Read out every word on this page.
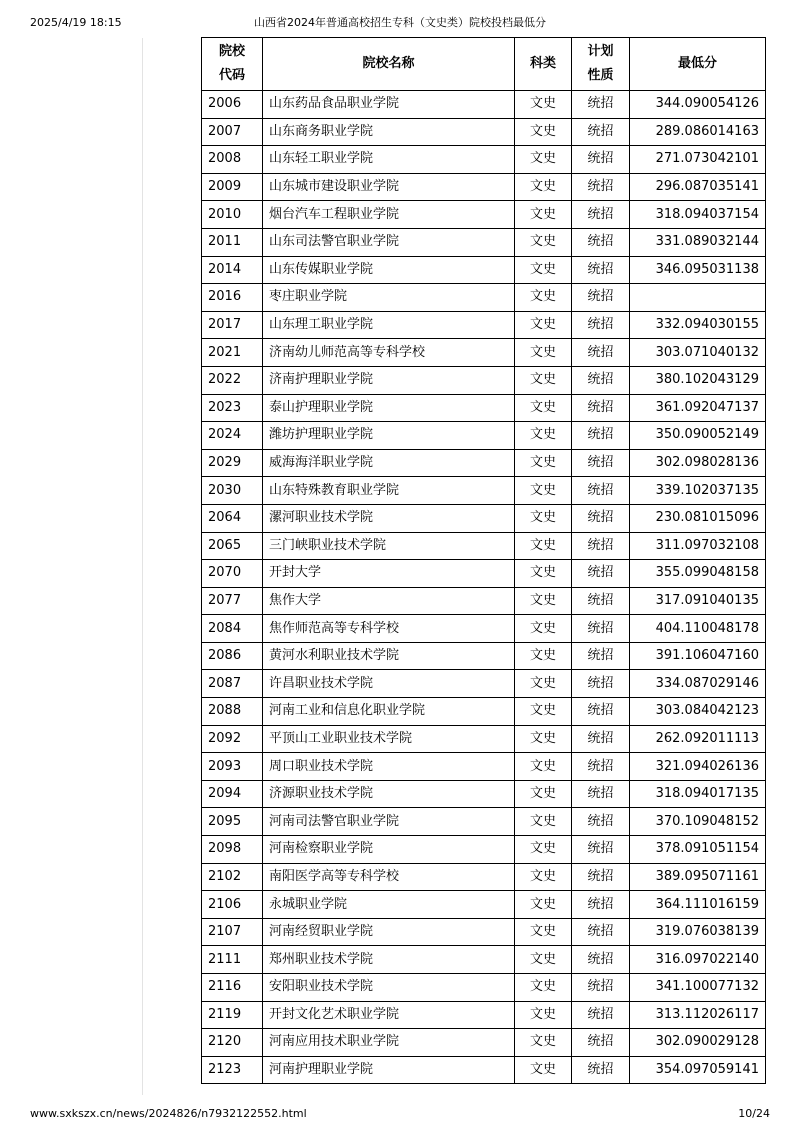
2025/4/19 18:15	山西省2024年普通高校招生专科（文史类）院校投档最低分
院校代码	院校名称	科类	计划性质	最低分
2006	山东药品食品职业学院	文史	统招	344.090054126
2007	山东商务职业学院	文史	统招	289.086014163
2008	山东轻工职业学院	文史	统招	271.073042101
2009	山东城市建设职业学院	文史	统招	296.087035141
2010	烟台汽车工程职业学院	文史	统招	318.094037154
2011	山东司法警官职业学院	文史	统招	331.089032144
2014	山东传媒职业学院	文史	统招	346.095031138
2016	枣庄职业学院	文史	统招	
2017	山东理工职业学院	文史	统招	332.094030155
2021	济南幼儿师范高等专科学校	文史	统招	303.071040132
2022	济南护理职业学院	文史	统招	380.102043129
2023	泰山护理职业学院	文史	统招	361.092047137
2024	潍坊护理职业学院	文史	统招	350.090052149
2029	威海海洋职业学院	文史	统招	302.098028136
2030	山东特殊教育职业学院	文史	统招	339.102037135
2064	漯河职业技术学院	文史	统招	230.081015096
2065	三门峡职业技术学院	文史	统招	311.097032108
2070	开封大学	文史	统招	355.099048158
2077	焦作大学	文史	统招	317.091040135
2084	焦作师范高等专科学校	文史	统招	404.110048178
2086	黄河水利职业技术学院	文史	统招	391.106047160
2087	许昌职业技术学院	文史	统招	334.087029146
2088	河南工业和信息化职业学院	文史	统招	303.084042123
2092	平顶山工业职业技术学院	文史	统招	262.092011113
2093	周口职业技术学院	文史	统招	321.094026136
2094	济源职业技术学院	文史	统招	318.094017135
2095	河南司法警官职业学院	文史	统招	370.109048152
2098	河南检察职业学院	文史	统招	378.091051154
2102	南阳医学高等专科学校	文史	统招	389.095071161
2106	永城职业学院	文史	统招	364.111016159
2107	河南经贸职业学院	文史	统招	319.076038139
2111	郑州职业技术学院	文史	统招	316.097022140
2116	安阳职业技术学院	文史	统招	341.100077132
2119	开封文化艺术职业学院	文史	统招	313.112026117
2120	河南应用技术职业学院	文史	统招	302.090029128
2123	河南护理职业学院	文史	统招	354.097059141
www.sxkszx.cn/news/2024826/n7932122552.html	10/24
